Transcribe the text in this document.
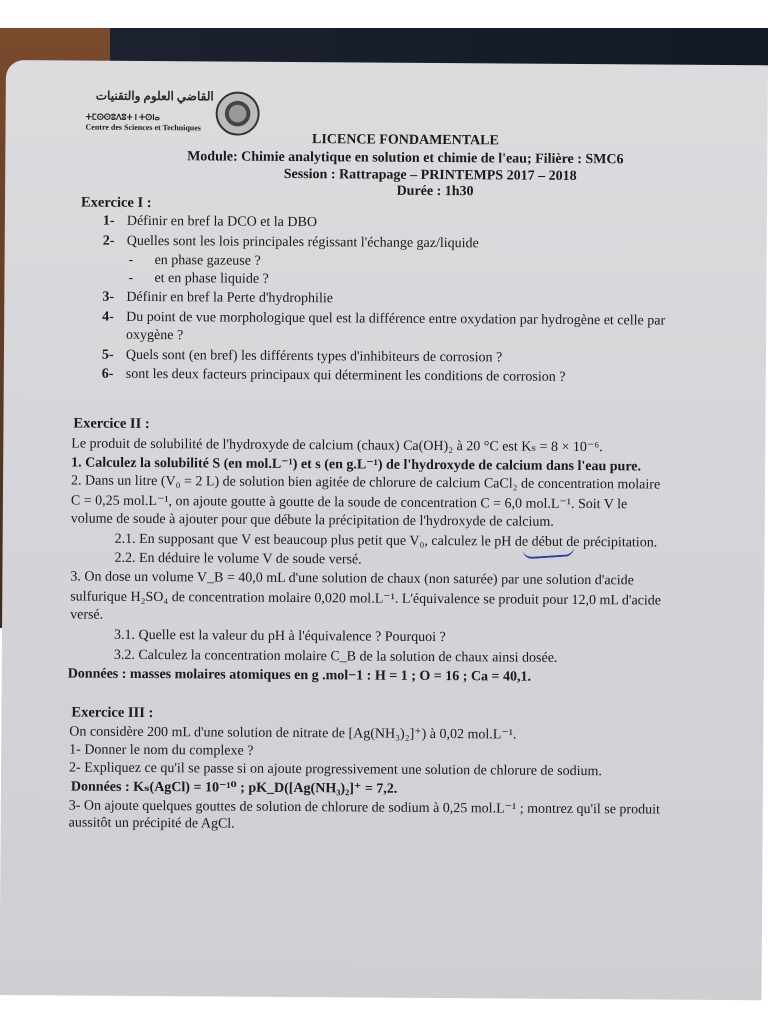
القاضي العلوم والتقنيات
ⵜⵎⵙⵙⵓⴷⵓⵜ ⵏ ⵜⵙⵏⴰ
Centre des Sciences et Techniques
LICENCE FONDAMENTALE
Module: Chimie analytique en solution et chimie de l'eau; Filière : SMC6
Session : Rattrapage – PRINTEMPS 2017 – 2018
Durée : 1h30
Exercice I :
1- Définir en bref la DCO et la DBO
2- Quelles sont les lois principales régissant l'échange gaz/liquide
- en phase gazeuse ?
- et en phase liquide ?
3- Définir en bref la Perte d'hydrophilie
4- Du point de vue morphologique quel est la différence entre oxydation par hydrogène et celle par
oxygène ?
5- Quels sont (en bref) les différents types d'inhibiteurs de corrosion ?
6- sont les deux facteurs principaux qui déterminent les conditions de corrosion ?
Exercice II :
Le produit de solubilité de l'hydroxyde de calcium (chaux) Ca(OH)₂ à 20 °C est Kₛ = 8 × 10⁻⁶.
1. Calculez la solubilité S (en mol.L⁻¹) et s (en g.L⁻¹) de l'hydroxyde de calcium dans l'eau pure.
2. Dans un litre (V₀ = 2 L) de solution bien agitée de chlorure de calcium CaCl₂ de concentration molaire
C = 0,25 mol.L⁻¹, on ajoute goutte à goutte de la soude de concentration C = 6,0 mol.L⁻¹. Soit V le
volume de soude à ajouter pour que débute la précipitation de l'hydroxyde de calcium.
2.1. En supposant que V est beaucoup plus petit que V₀, calculez le pH de début de précipitation.
2.2. En déduire le volume V de soude versé.
3. On dose un volume V_B = 40,0 mL d'une solution de chaux (non saturée) par une solution d'acide
sulfurique H₂SO₄ de concentration molaire 0,020 mol.L⁻¹. L'équivalence se produit pour 12,0 mL d'acide
versé.
3.1. Quelle est la valeur du pH à l'équivalence ? Pourquoi ?
3.2. Calculez la concentration molaire C_B de la solution de chaux ainsi dosée.
Données : masses molaires atomiques en g .mol−1 : H = 1 ; O = 16 ; Ca = 40,1.
Exercice III :
On considère 200 mL d'une solution de nitrate de [Ag(NH₃)₂]⁺) à 0,02 mol.L⁻¹.
1- Donner le nom du complexe ?
2- Expliquez ce qu'il se passe si on ajoute progressivement une solution de chlorure de sodium.
Données : Kₛ(AgCl) = 10⁻¹⁰ ; pK_D([Ag(NH₃)₂]⁺ = 7,2.
3- On ajoute quelques gouttes de solution de chlorure de sodium à 0,25 mol.L⁻¹ ; montrez qu'il se produit
aussitôt un précipité de AgCl.
